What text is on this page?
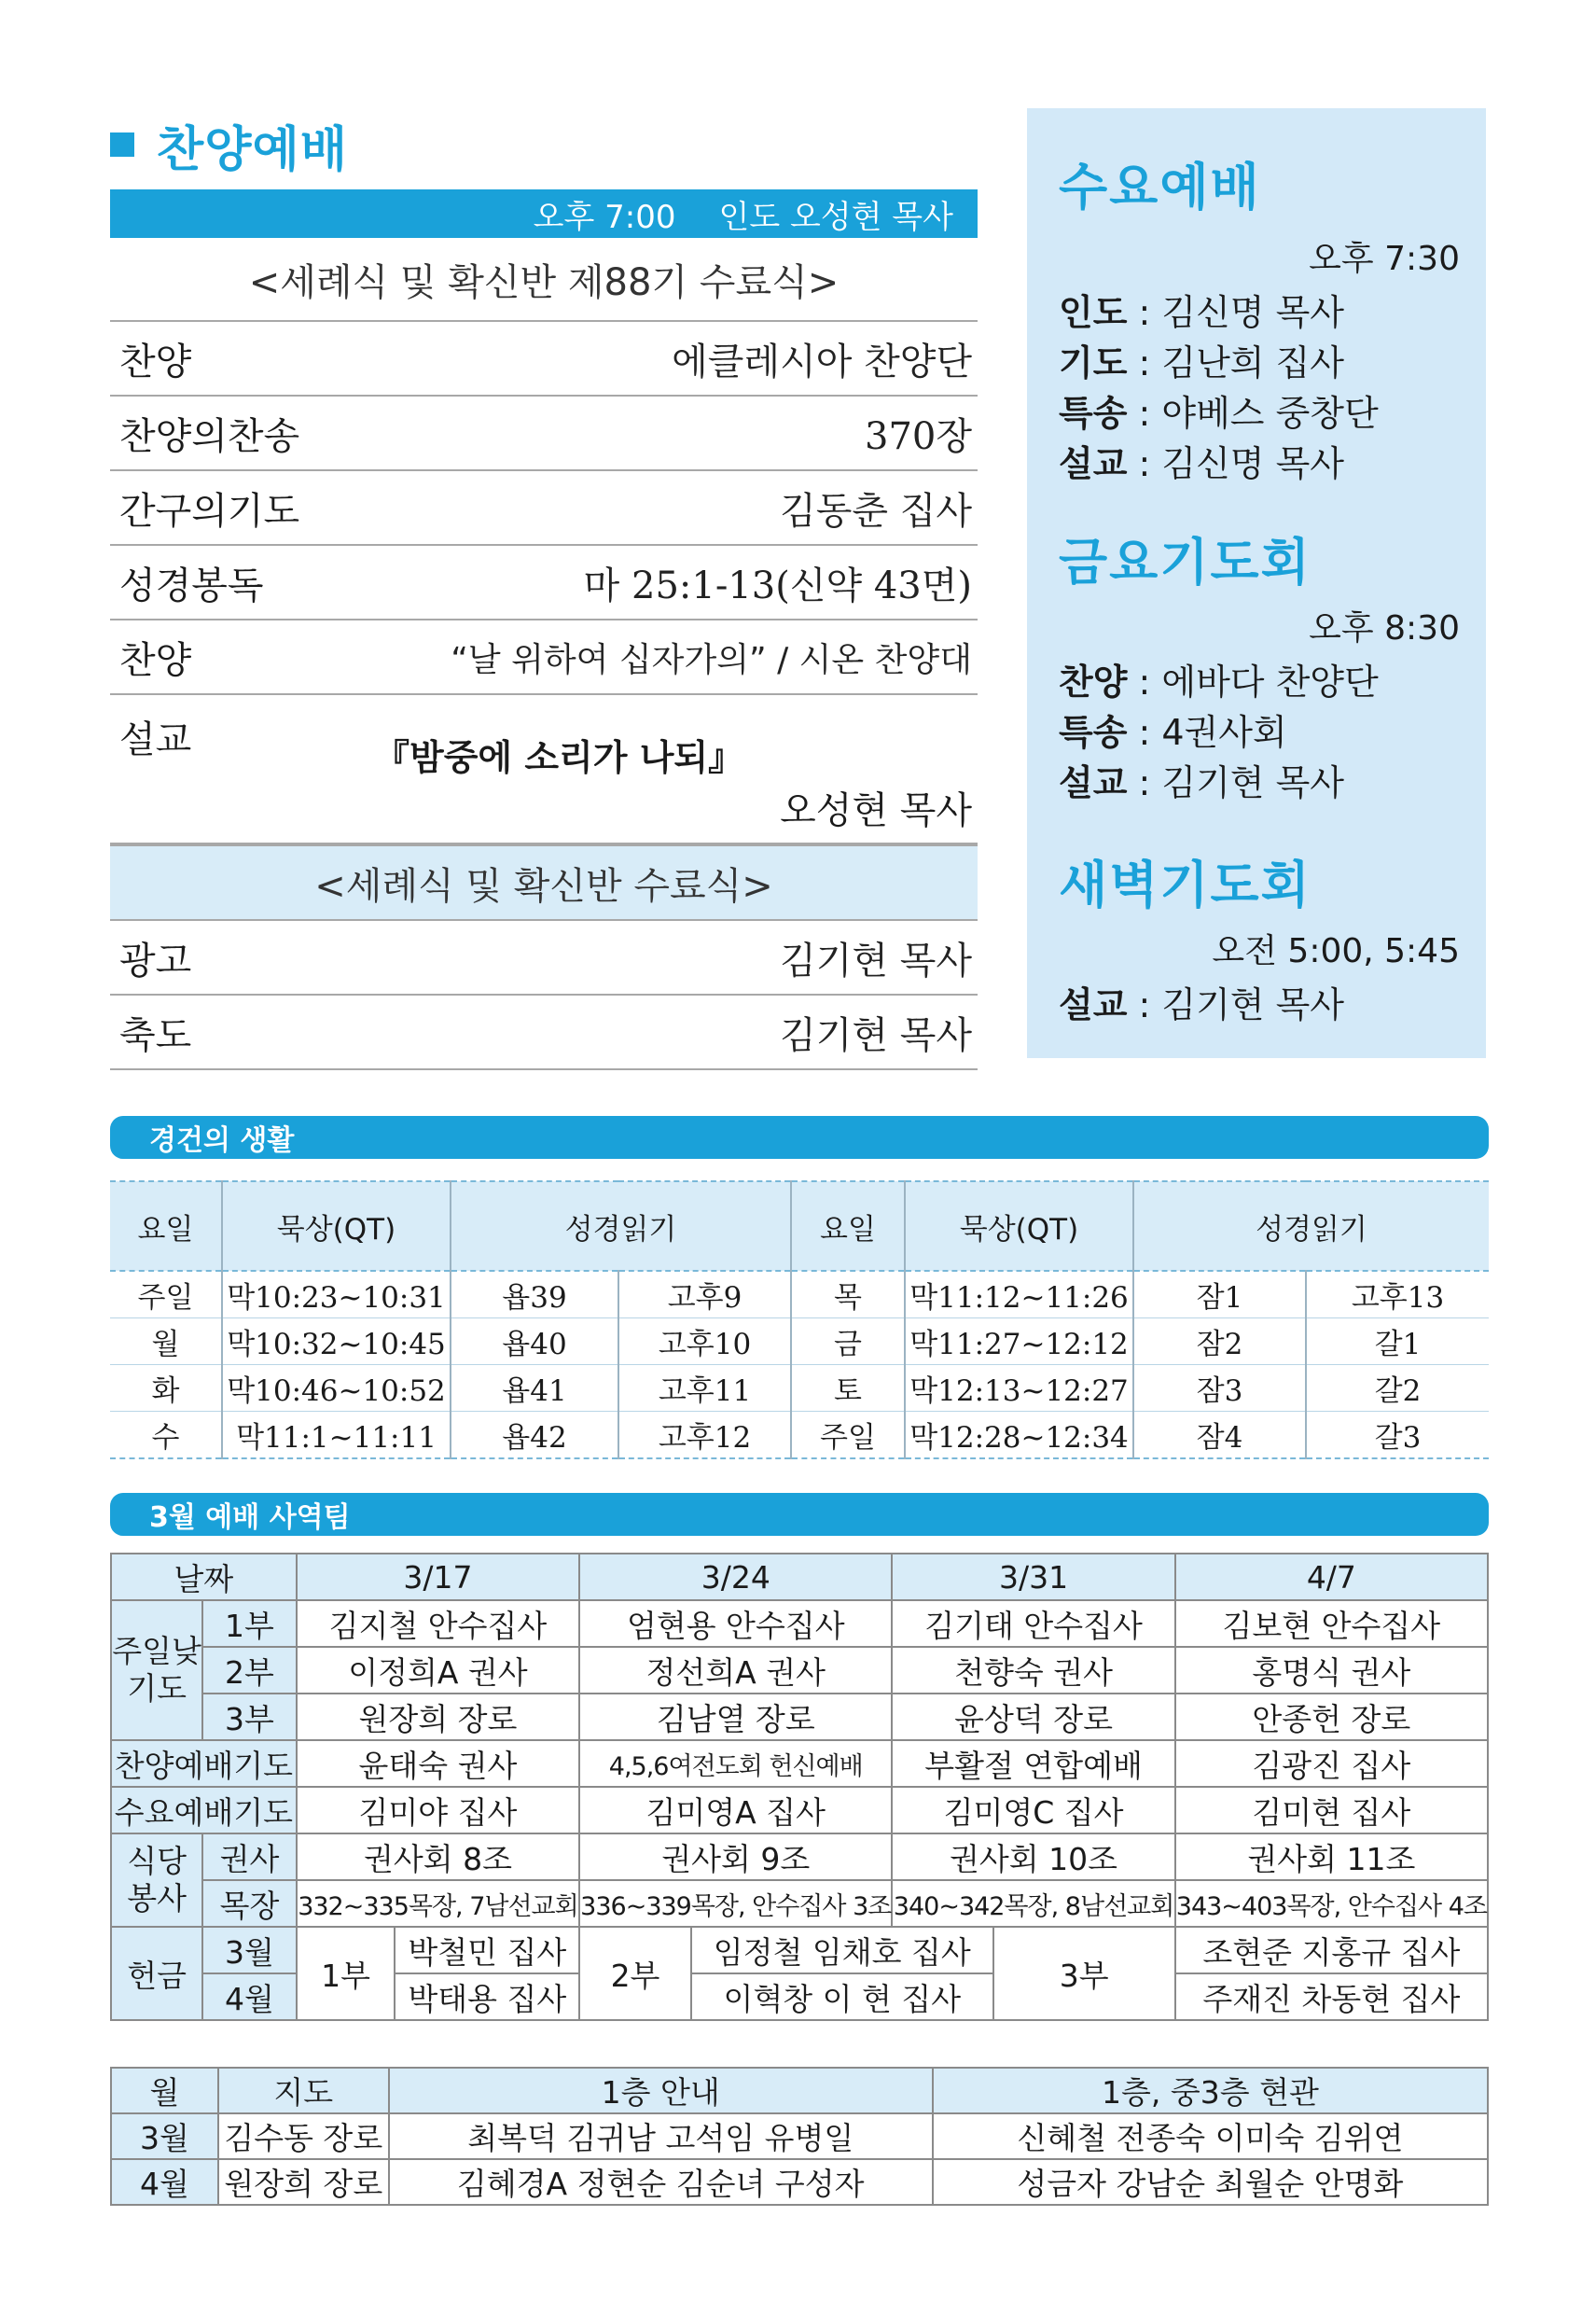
찬양예배
오후 7:00 인도 오성현 목사
<세례식 및 확신반 제88기 수료식>
찬양	에클레시아 찬양단
찬양의찬송	370장
간구의기도	김동춘 집사
성경봉독	마 25:1-13(신약 43면)
찬양	“날 위하여 십자가의” / 시온 찬양대
설교	『밤중에 소리가 나되』
오성현 목사
<세례식 및 확신반 수료식>
광고	김기현 목사
축도	김기현 목사
수요예배
오후 7:30
인도 : 김신명 목사
기도 : 김난희 집사
특송 : 야베스 중창단
설교 : 김신명 목사
금요기도회
오후 8:30
찬양 : 에바다 찬양단
특송 : 4권사회
설교 : 김기현 목사
새벽기도회
오전 5:00, 5:45
설교 : 김기현 목사
경건의 생활
요일	묵상(QT)	성경읽기		요일	묵상(QT)	성경읽기	
주일	막10:23~10:31	욥39	고후9	목	막11:12~11:26	잠1	고후13
월	막10:32~10:45	욥40	고후10	금	막11:27~12:12	잠2	갈1
화	막10:46~10:52	욥41	고후11	토	막12:13~12:27	잠3	갈2
수	막11:1~11:11	욥42	고후12	주일	막12:28~12:34	잠4	갈3
3월 예배 사역팀
날짜		3/17		3/24		3/31		4/7
주일낮
기도	1부	김지철 안수집사		엄현용 안수집사		김기태 안수집사		김보현 안수집사
	2부	이정희A 권사		정선희A 권사		천향숙 권사		홍명식 권사
	3부	원장희 장로		김남열 장로		윤상덕 장로		안종헌 장로
찬양예배기도		윤태숙 권사		4,5,6여전도회 헌신예배		부활절 연합예배		김광진 집사
수요예배기도		김미야 집사		김미영A 집사		김미영C 집사		김미현 집사
식당
봉사	권사	권사회 8조		권사회 9조		권사회 10조		권사회 11조
	목장	332~335목장, 7남선교회		336~339목장, 안수집사 3조		340~342목장, 8남선교회		343~403목장, 안수집사 4조
헌금	3월	1부	박철민 집사	2부	임정철 임채호 집사		3부	조현준 지홍규 집사
	4월		박태용 집사		이혁창 이 현 집사			주재진 차동현 집사
월	지도	1층 안내	1층, 중3층 현관
3월	김수동 장로	최복덕 김귀남 고석임 유병일	신혜철 전종숙 이미숙 김위연
4월	원장희 장로	김혜경A 정현순 김순녀 구성자	성금자 강남순 최월순 안명화
